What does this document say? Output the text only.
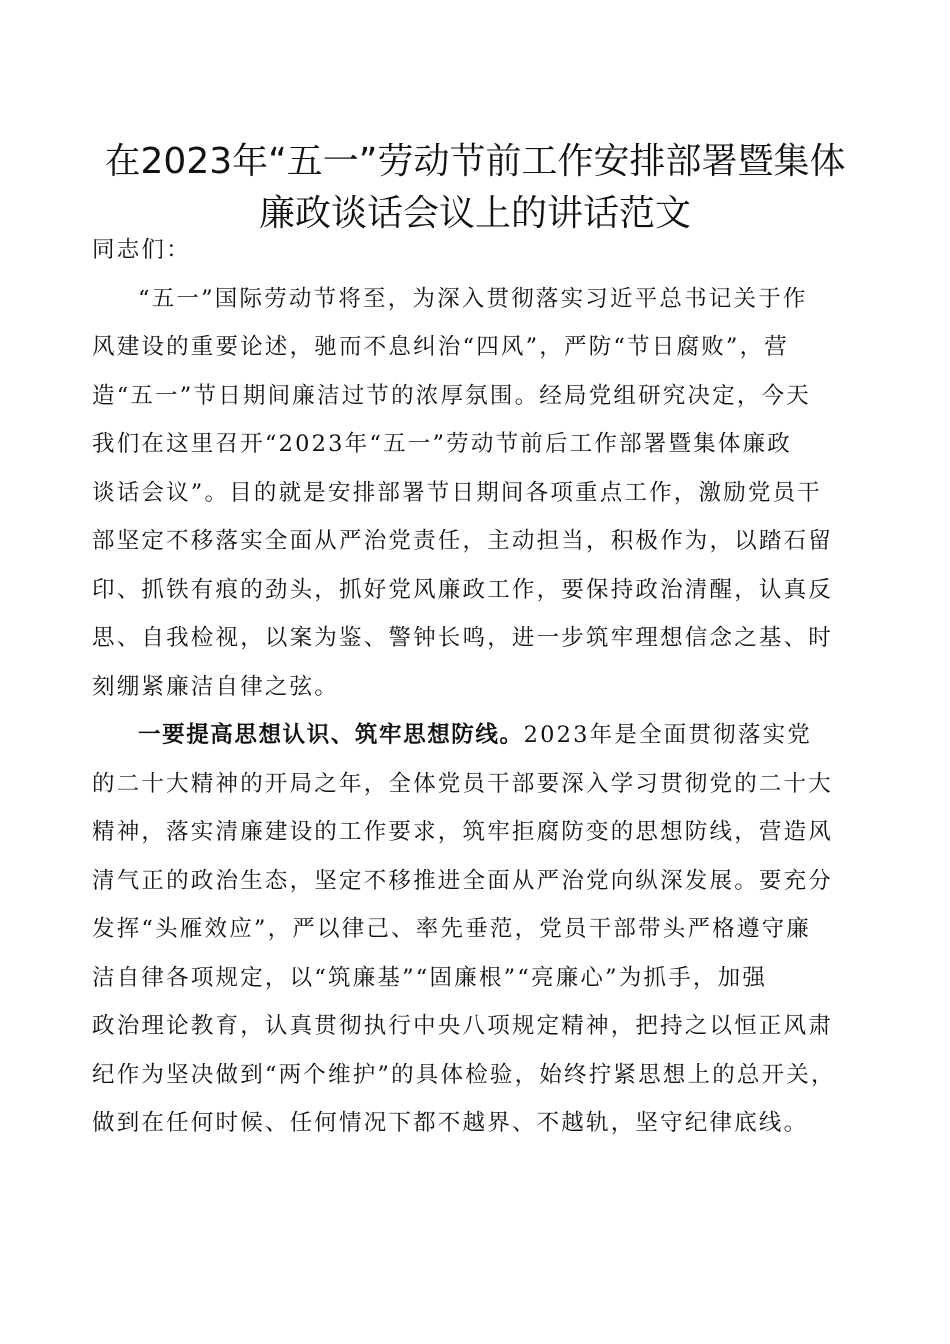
在2023年“五一”劳动节前工作安排部署暨集体
廉政谈话会议上的讲话范文

同志们：

“五一”国际劳动节将至，为深入贯彻落实习近平总书记关于作
风建设的重要论述，驰而不息纠治“四风”，严防“节日腐败”，营
造“五一”节日期间廉洁过节的浓厚氛围。经局党组研究决定，今天
我们在这里召开“2023年“五一”劳动节前后工作部署暨集体廉政
谈话会议”。目的就是安排部署节日期间各项重点工作，激励党员干
部坚定不移落实全面从严治党责任，主动担当，积极作为，以踏石留
印、抓铁有痕的劲头，抓好党风廉政工作，要保持政治清醒，认真反
思、自我检视，以案为鉴、警钟长鸣，进一步筑牢理想信念之基、时
刻绷紧廉洁自律之弦。
一要提高思想认识、筑牢思想防线。2023年是全面贯彻落实党
的二十大精神的开局之年，全体党员干部要深入学习贯彻党的二十大
精神，落实清廉建设的工作要求，筑牢拒腐防变的思想防线，营造风
清气正的政治生态，坚定不移推进全面从严治党向纵深发展。要充分
发挥“头雁效应”，严以律己、率先垂范，党员干部带头严格遵守廉
洁自律各项规定，以“筑廉基”“固廉根”“亮廉心”为抓手，加强
政治理论教育，认真贯彻执行中央八项规定精神，把持之以恒正风肃
纪作为坚决做到“两个维护”的具体检验，始终拧紧思想上的总开关，
做到在任何时候、任何情况下都不越界、不越轨，坚守纪律底线。
